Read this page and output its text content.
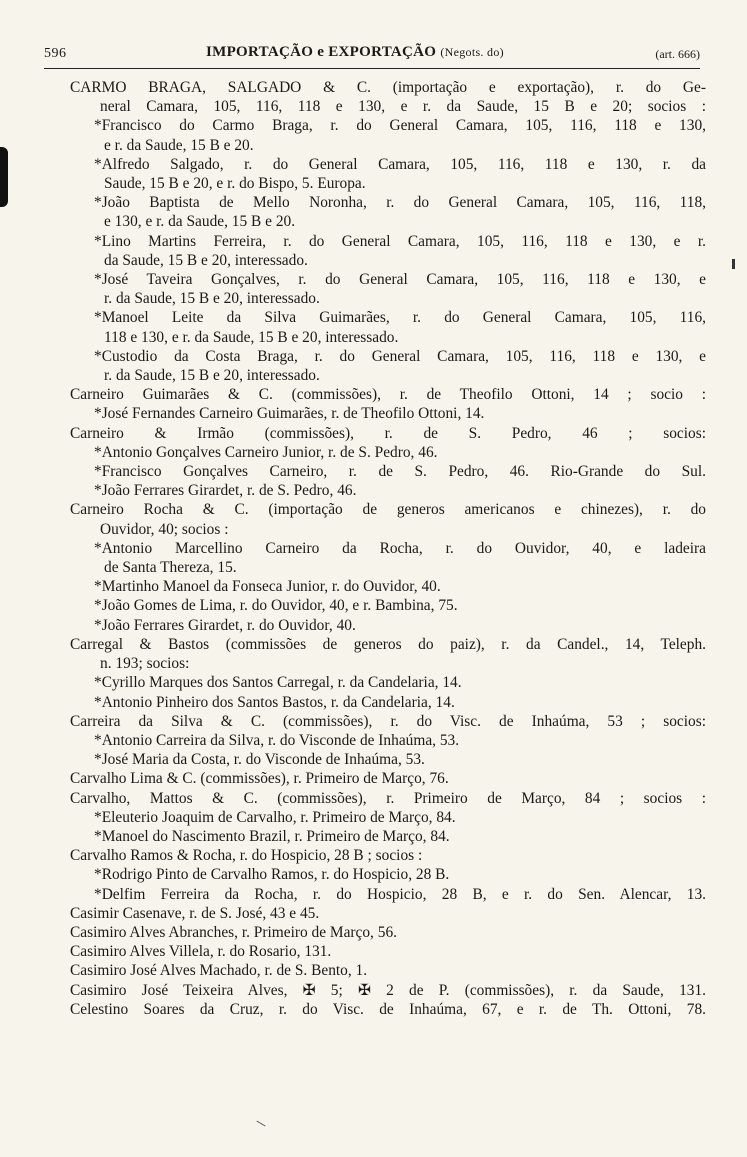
596	IMPORTAÇÃO e EXPORTAÇÃO (Negots. do)	(art. 666)
CARMO BRAGA, SALGADO & C. (importação e exportação), r. do Ge-
neral Camara, 105, 116, 118 e 130, e r. da Saude, 15 B e 20; socios :
*Francisco do Carmo Braga, r. do General Camara, 105, 116, 118 e 130,
e r. da Saude, 15 B e 20.
*Alfredo Salgado, r. do General Camara, 105, 116, 118 e 130, r. da
Saude, 15 B e 20, e r. do Bispo, 5. Europa.
*João Baptista de Mello Noronha, r. do General Camara, 105, 116, 118,
e 130, e r. da Saude, 15 B e 20.
*Lino Martins Ferreira, r. do General Camara, 105, 116, 118 e 130, e r.
da Saude, 15 B e 20, interessado.
*José Taveira Gonçalves, r. do General Camara, 105, 116, 118 e 130, e
r. da Saude, 15 B e 20, interessado.
*Manoel Leite da Silva Guimarães, r. do General Camara, 105, 116,
118 e 130, e r. da Saude, 15 B e 20, interessado.
*Custodio da Costa Braga, r. do General Camara, 105, 116, 118 e 130, e
r. da Saude, 15 B e 20, interessado.
Carneiro Guimarães & C. (commissões), r. de Theofilo Ottoni, 14 ; socio :
*José Fernandes Carneiro Guimarães, r. de Theofilo Ottoni, 14.
Carneiro & Irmão (commissões), r. de S. Pedro, 46 ; socios:
*Antonio Gonçalves Carneiro Junior, r. de S. Pedro, 46.
*Francisco Gonçalves Carneiro, r. de S. Pedro, 46. Rio-Grande do Sul.
*João Ferrares Girardet, r. de S. Pedro, 46.
Carneiro Rocha & C. (importação de generos americanos e chinezes), r. do
Ouvidor, 40; socios :
*Antonio Marcellino Carneiro da Rocha, r. do Ouvidor, 40, e ladeira
de Santa Thereza, 15.
*Martinho Manoel da Fonseca Junior, r. do Ouvidor, 40.
*João Gomes de Lima, r. do Ouvidor, 40, e r. Bambina, 75.
*João Ferrares Girardet, r. do Ouvidor, 40.
Carregal & Bastos (commissões de generos do paiz), r. da Candel., 14, Teleph.
n. 193; socios:
*Cyrillo Marques dos Santos Carregal, r. da Candelaria, 14.
*Antonio Pinheiro dos Santos Bastos, r. da Candelaria, 14.
Carreira da Silva & C. (commissões), r. do Visc. de Inhaúma, 53 ; socios:
*Antonio Carreira da Silva, r. do Visconde de Inhaúma, 53.
*José Maria da Costa, r. do Visconde de Inhaúma, 53.
Carvalho Lima & C. (commissões), r. Primeiro de Março, 76.
Carvalho, Mattos & C. (commissões), r. Primeiro de Março, 84 ; socios :
*Eleuterio Joaquim de Carvalho, r. Primeiro de Março, 84.
*Manoel do Nascimento Brazil, r. Primeiro de Março, 84.
Carvalho Ramos & Rocha, r. do Hospicio, 28 B ; socios :
*Rodrigo Pinto de Carvalho Ramos, r. do Hospicio, 28 B.
*Delfim Ferreira da Rocha, r. do Hospicio, 28 B, e r. do Sen. Alencar, 13.
Casimir Casenave, r. de S. José, 43 e 45.
Casimiro Alves Abranches, r. Primeiro de Março, 56.
Casimiro Alves Villela, r. do Rosario, 131.
Casimiro José Alves Machado, r. de S. Bento, 1.
Casimiro José Teixeira Alves, ✠ 5; ✠ 2 de P. (commissões), r. da Saude, 131.
Celestino Soares da Cruz, r. do Visc. de Inhaúma, 67, e r. de Th. Ottoni, 78.
